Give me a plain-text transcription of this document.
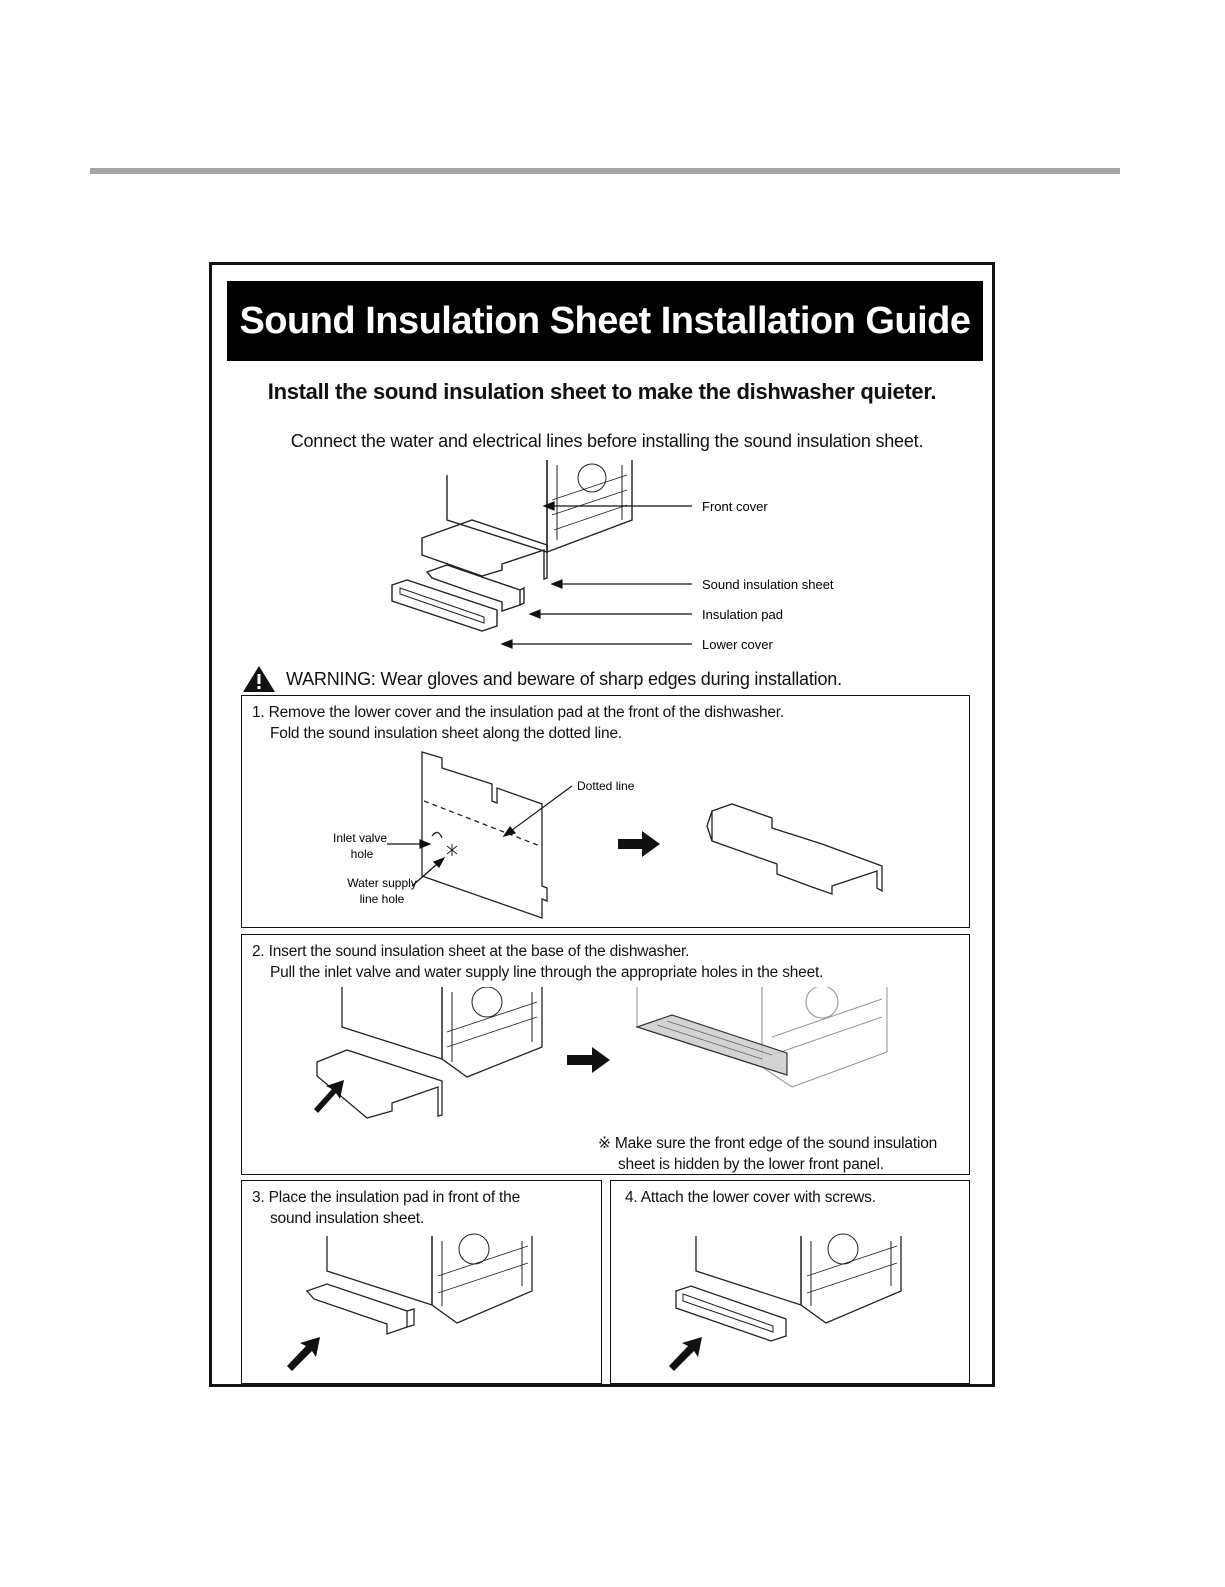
Sound Insulation Sheet Installation Guide
Install the sound insulation sheet to make the dishwasher quieter.
Connect the water and electrical lines before installing the sound insulation sheet.
Front cover
Sound insulation sheet
Insulation pad
Lower cover
WARNING: Wear gloves and beware of sharp edges during installation.
1. Remove the lower cover and the insulation pad at the front of the dishwasher.
Fold the sound insulation sheet along the dotted line.
Dotted line
Inlet valve
hole
Water supply
line hole
2. Insert the sound insulation sheet at the base of the dishwasher.
Pull the inlet valve and water supply line through the appropriate holes in the sheet.
※ Make sure the front edge of the sound insulation
sheet is hidden by the lower front panel.
3. Place the insulation pad in front of the
sound insulation sheet.
4. Attach the lower cover with screws.
